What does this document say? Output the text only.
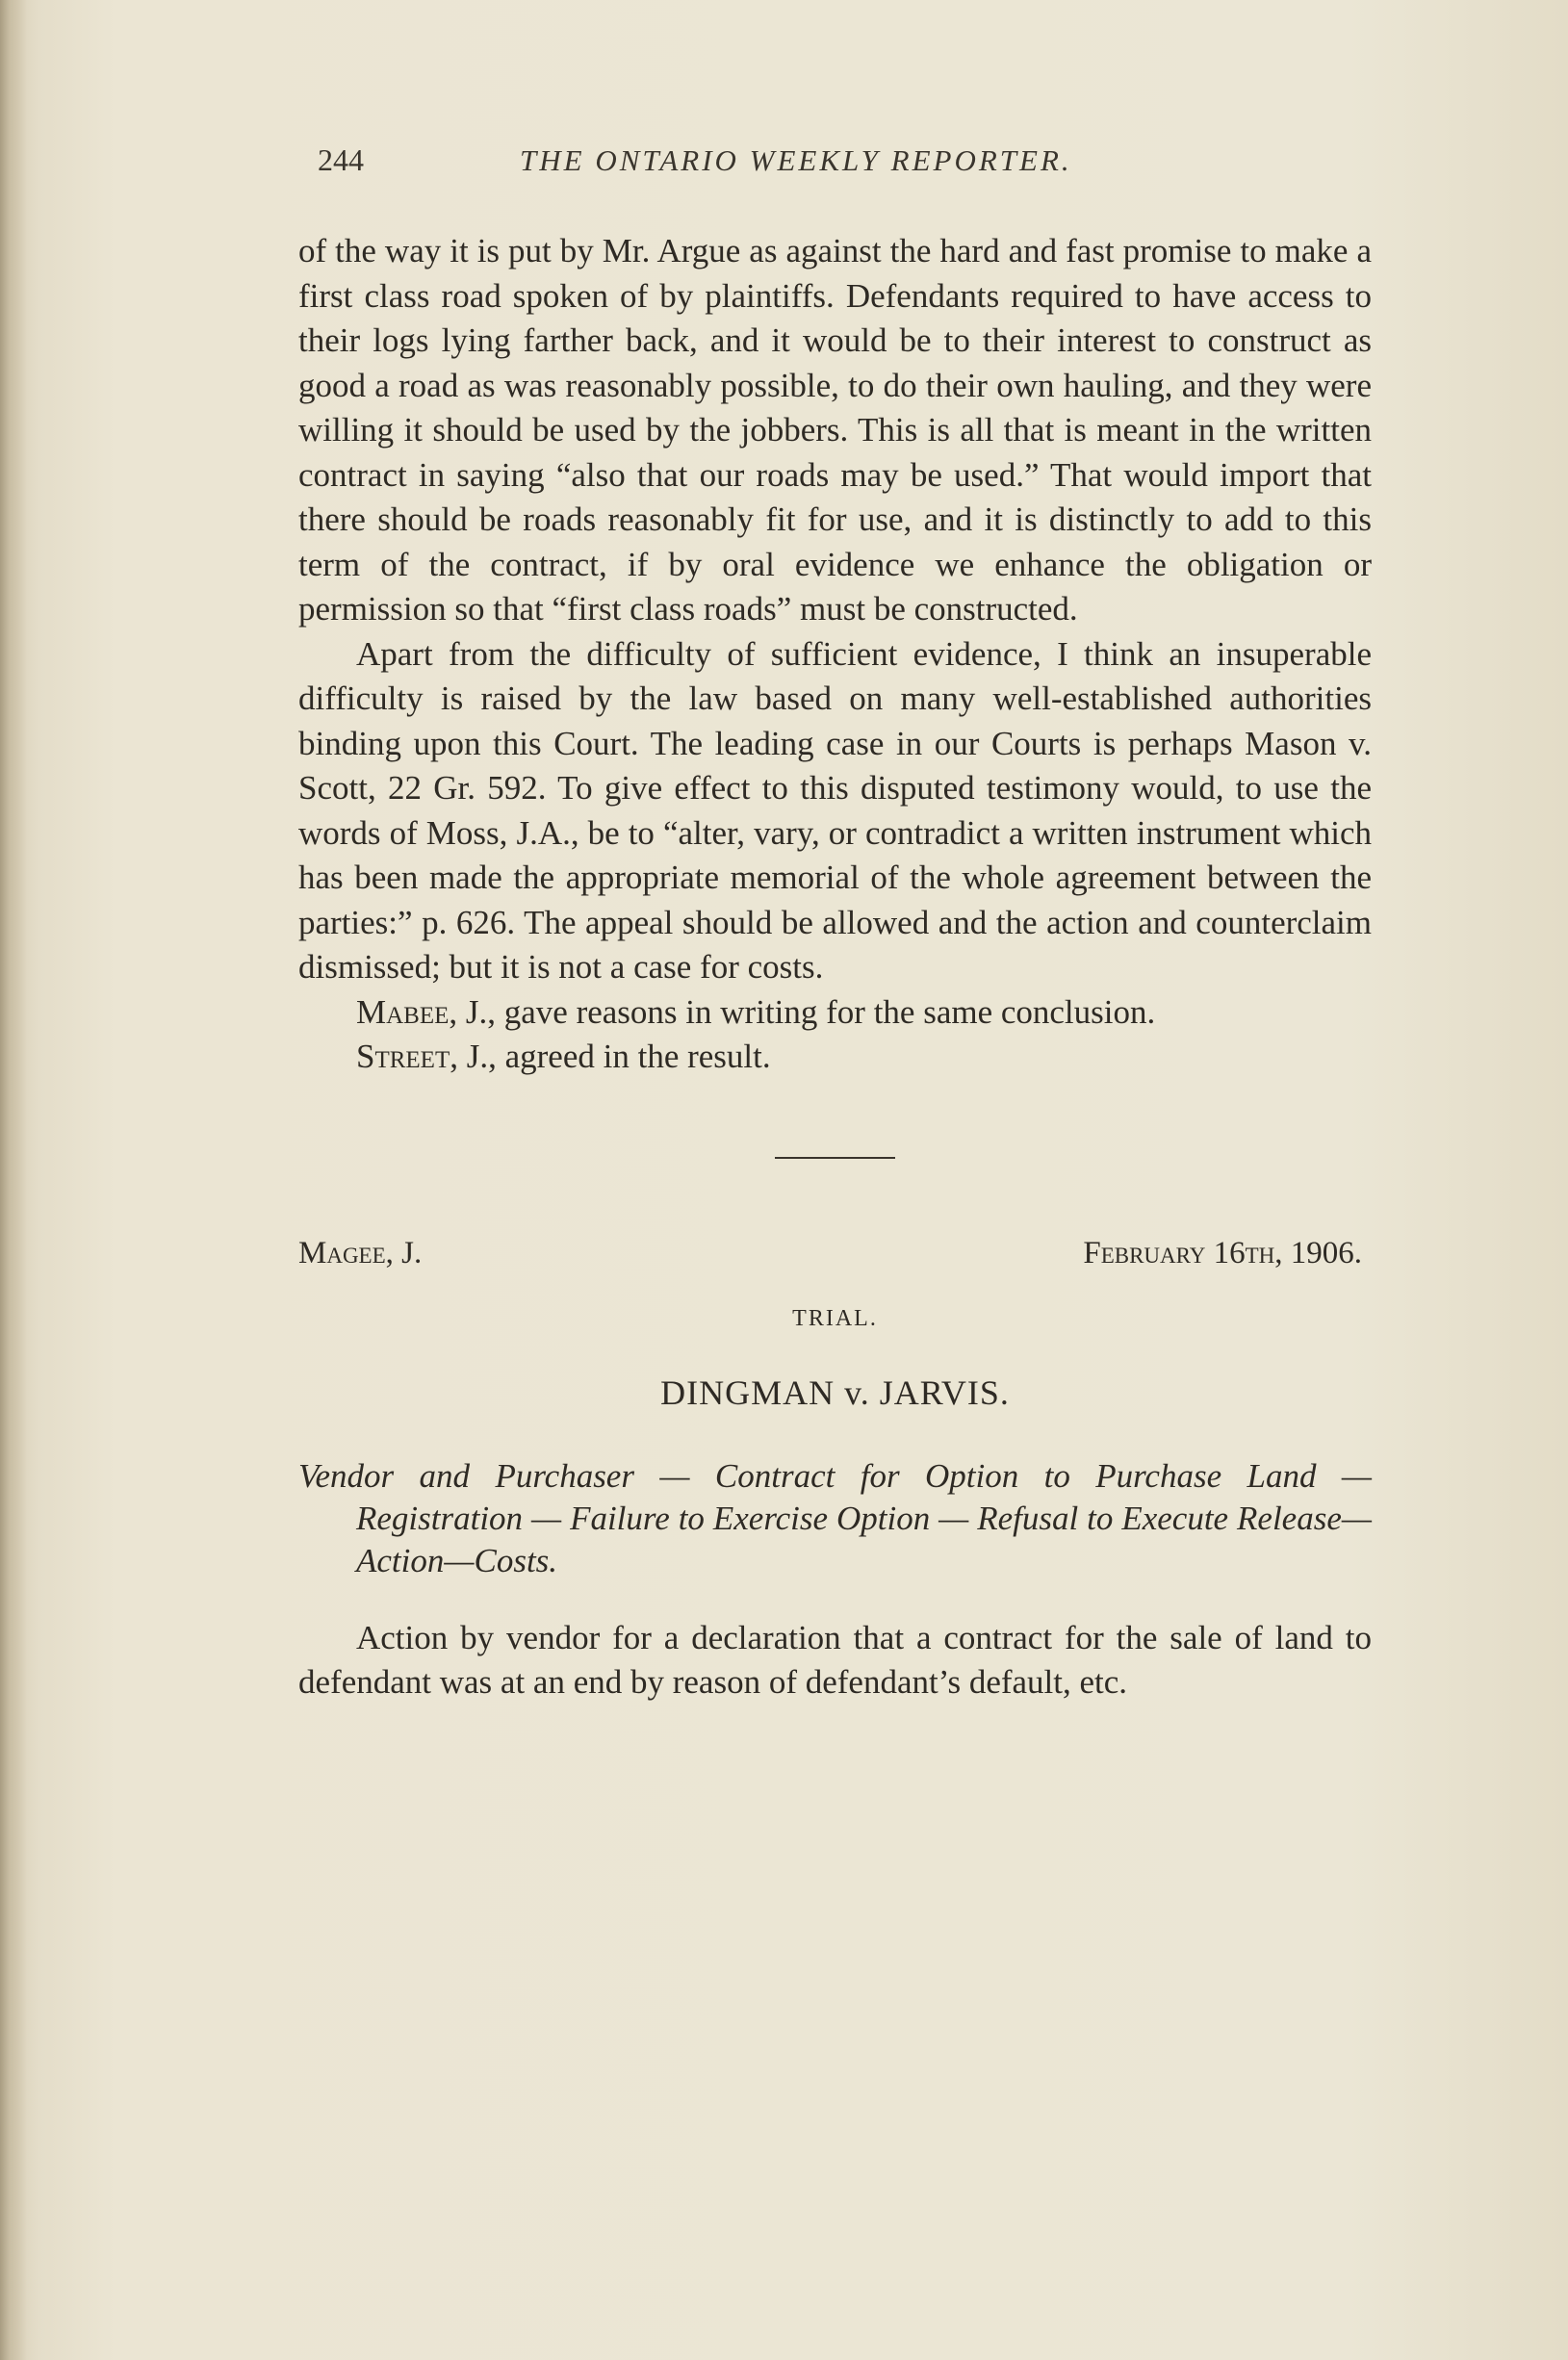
244	THE ONTARIO WEEKLY REPORTER.

of the way it is put by Mr. Argue as against the hard and fast promise to make a first class road spoken of by plaintiffs. Defendants required to have access to their logs lying farther back, and it would be to their interest to construct as good a road as was reasonably possible, to do their own hauling, and they were willing it should be used by the jobbers. This is all that is meant in the written contract in saying “also that our roads may be used.” That would import that there should be roads reasonably fit for use, and it is distinctly to add to this term of the contract, if by oral evidence we enhance the obligation or permission so that “first class roads” must be constructed.

Apart from the difficulty of sufficient evidence, I think an insuperable difficulty is raised by the law based on many well-established authorities binding upon this Court. The leading case in our Courts is perhaps Mason v. Scott, 22 Gr. 592. To give effect to this disputed testimony would, to use the words of Moss, J.A., be to “alter, vary, or contradict a written instrument which has been made the appropriate memorial of the whole agreement between the parties:” p. 626. The appeal should be allowed and the action and counterclaim dismissed; but it is not a case for costs.

Mabee, J., gave reasons in writing for the same conclusion.

Street, J., agreed in the result.

Magee, J.	February 16th, 1906.
TRIAL.
DINGMAN v. JARVIS.

Vendor and Purchaser — Contract for Option to Purchase Land — Registration — Failure to Exercise Option — Refusal to Execute Release—Action—Costs.

Action by vendor for a declaration that a contract for the sale of land to defendant was at an end by reason of defendant’s default, etc.
